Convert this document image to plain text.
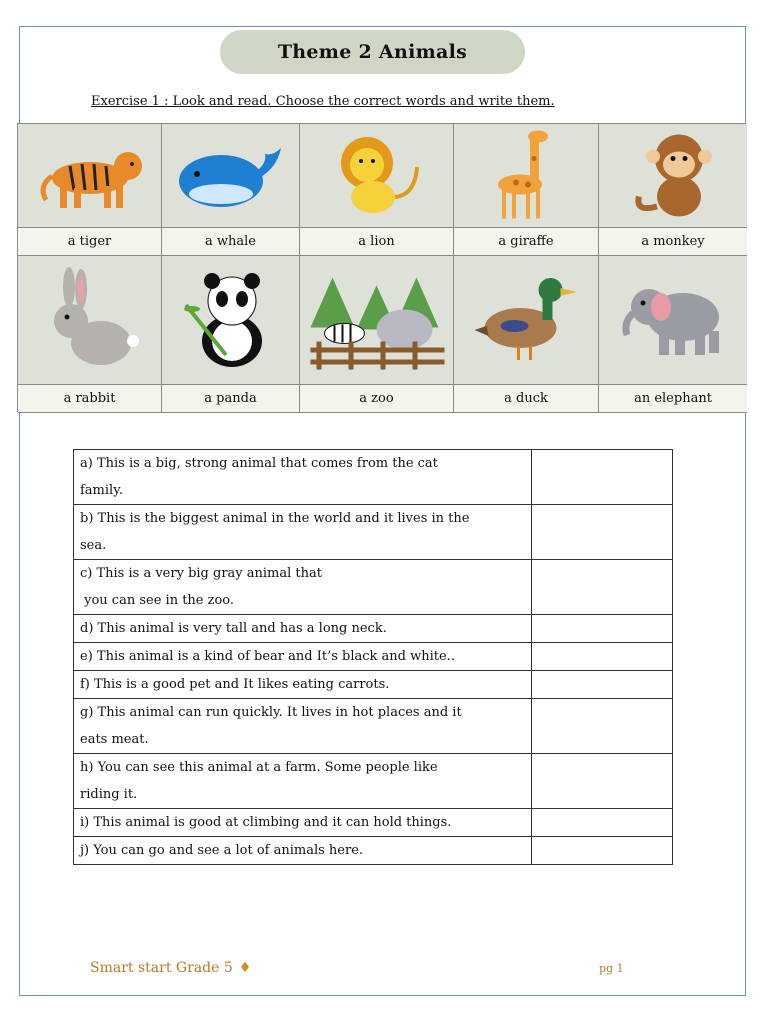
Theme 2 Animals
Exercise 1 : Look and read. Choose the correct words and write them.
a tiger	a whale	a lion	a giraffe	a monkey
a rabbit	a panda	a zoo	a duck	an elephant
a) This is a big, strong animal that comes from the cat
family.	

b) This is the biggest animal in the world and it lives in the
sea.	

c) This is a very big gray animal that
you can see in the zoo.	

d) This animal is very tall and has a long neck.	

e) This animal is a kind of bear and It’s black and white..	

f) This is a good pet and It likes eating carrots.	

g) This animal can run quickly. It lives in hot places and it
eats meat.	

h) You can see this animal at a farm. Some people like
riding it.	

i) This animal is good at climbing and it can hold things.	

j) You can go and see a lot of animals here.	

Smart start Grade 5 ♦	pg 1
